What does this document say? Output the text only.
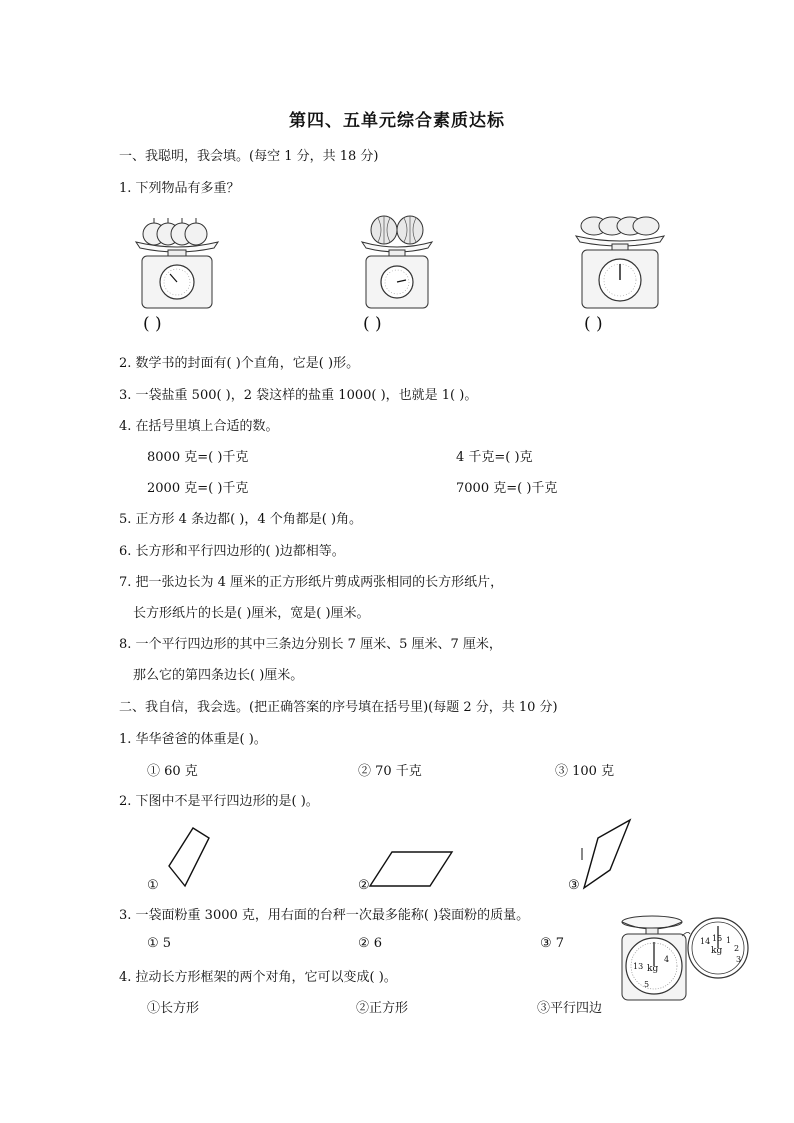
第四、五单元综合素质达标
一、我聪明，我会填。(每空 1 分，共 18 分)
1. 下列物品有多重？
( )	( )	( )
2. 数学书的封面有( )个直角，它是( )形。
3. 一袋盐重 500( )，2 袋这样的盐重 1000( )，也就是 1( )。
4. 在括号里填上合适的数。
8000 克=( )千克	4 千克=( )克
2000 克=( )千克	7000 克=( )千克
5. 正方形 4 条边都( )，4 个角都是( )角。
6. 长方形和平行四边形的( )边都相等。
7. 把一张边长为 4 厘米的正方形纸片剪成两张相同的长方形纸片，
长方形纸片的长是( )厘米，宽是( )厘米。
8. 一个平行四边形的其中三条边分别长 7 厘米、5 厘米、7 厘米，
那么它的第四条边长( )厘米。
二、我自信，我会选。(把正确答案的序号填在括号里)(每题 2 分，共 10 分)
1. 华华爸爸的体重是( )。
① 60 克	② 70 千克	③ 100 克
2. 下图中不是平行四边形的是( )。
①	②	③
3. 一袋面粉重 3000 克，用右面的台秤一次最多能称( )袋面粉的质量。
① 5	② 6	③ 7	14 15 1
2
3
4
5
13
kg
kg
4. 拉动长方形框架的两个对角，它可以变成( )。
①长方形	②正方形	③平行四边
